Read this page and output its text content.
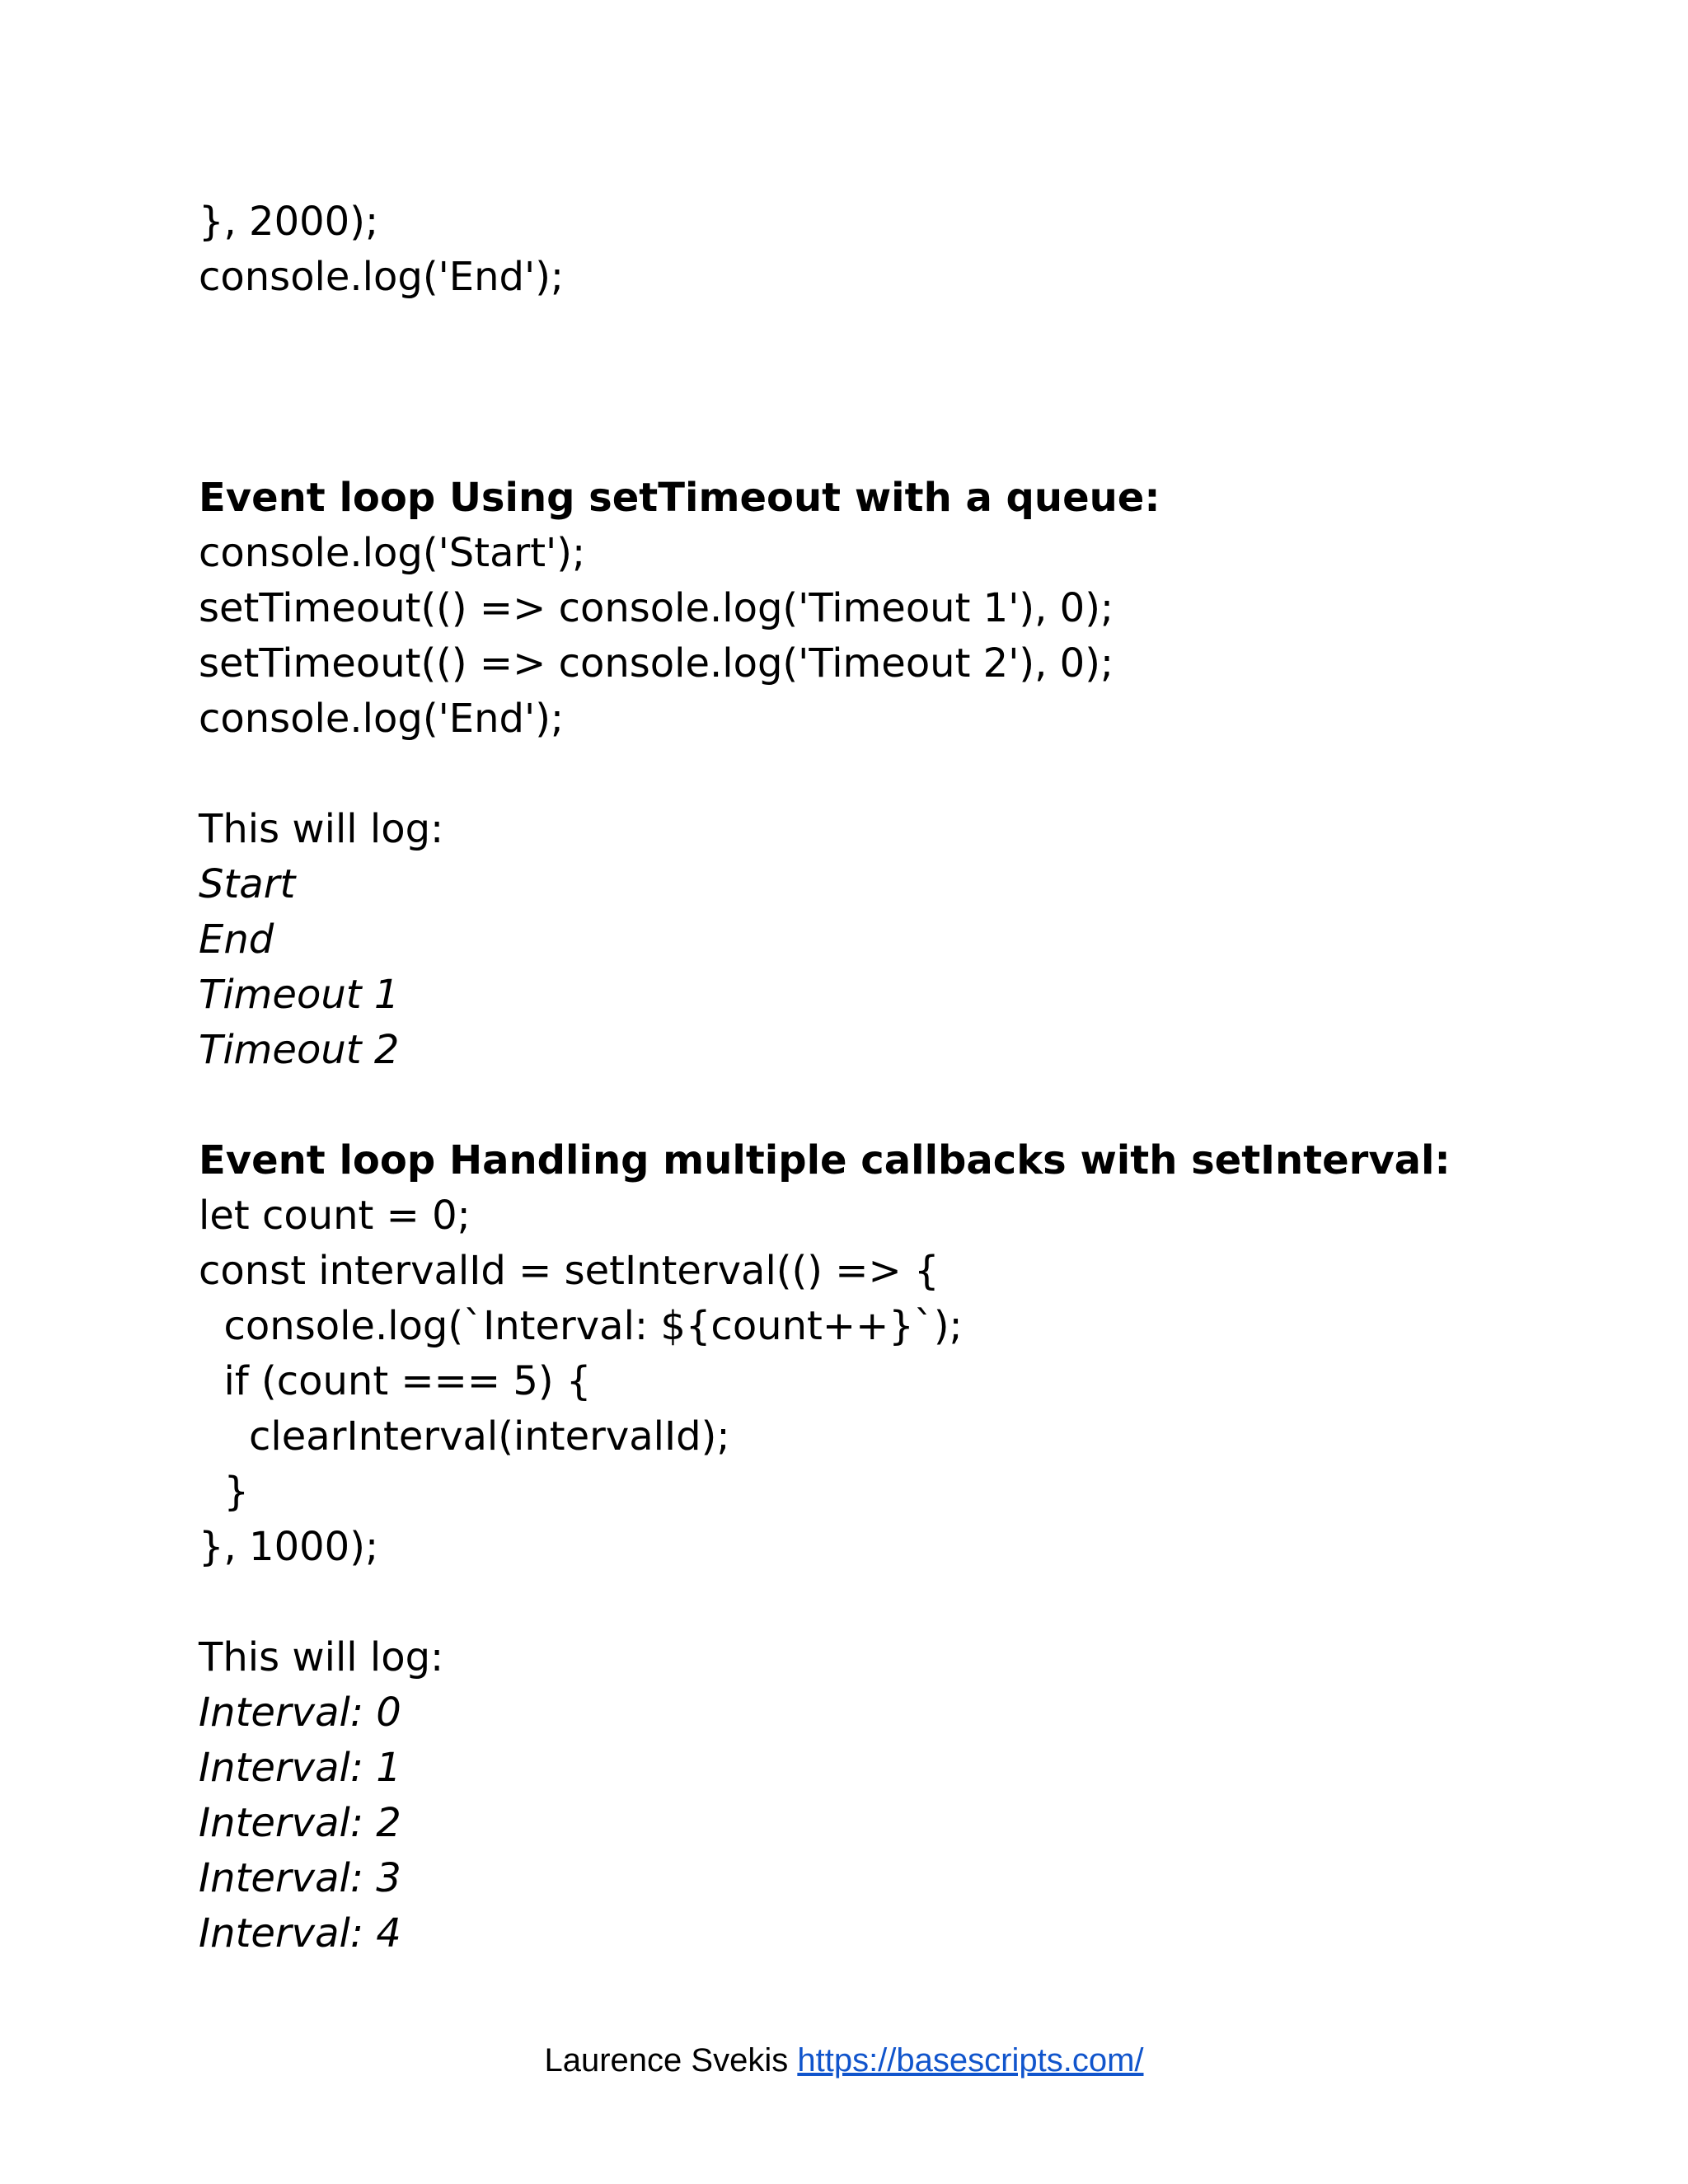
}, 2000);
console.log('End');
Event loop Using setTimeout with a queue:
console.log('Start');
setTimeout(() => console.log('Timeout 1'), 0);
setTimeout(() => console.log('Timeout 2'), 0);
console.log('End');
This will log:
Start
End
Timeout 1
Timeout 2
Event loop Handling multiple callbacks with setInterval:
let count = 0;
const intervalId = setInterval(() => {
console.log(`Interval: ${count++}`);
if (count === 5) {
clearInterval(intervalId);
}
}, 1000);
This will log:
Interval: 0
Interval: 1
Interval: 2
Interval: 3
Interval: 4
Laurence Svekis https://basescripts.com/
